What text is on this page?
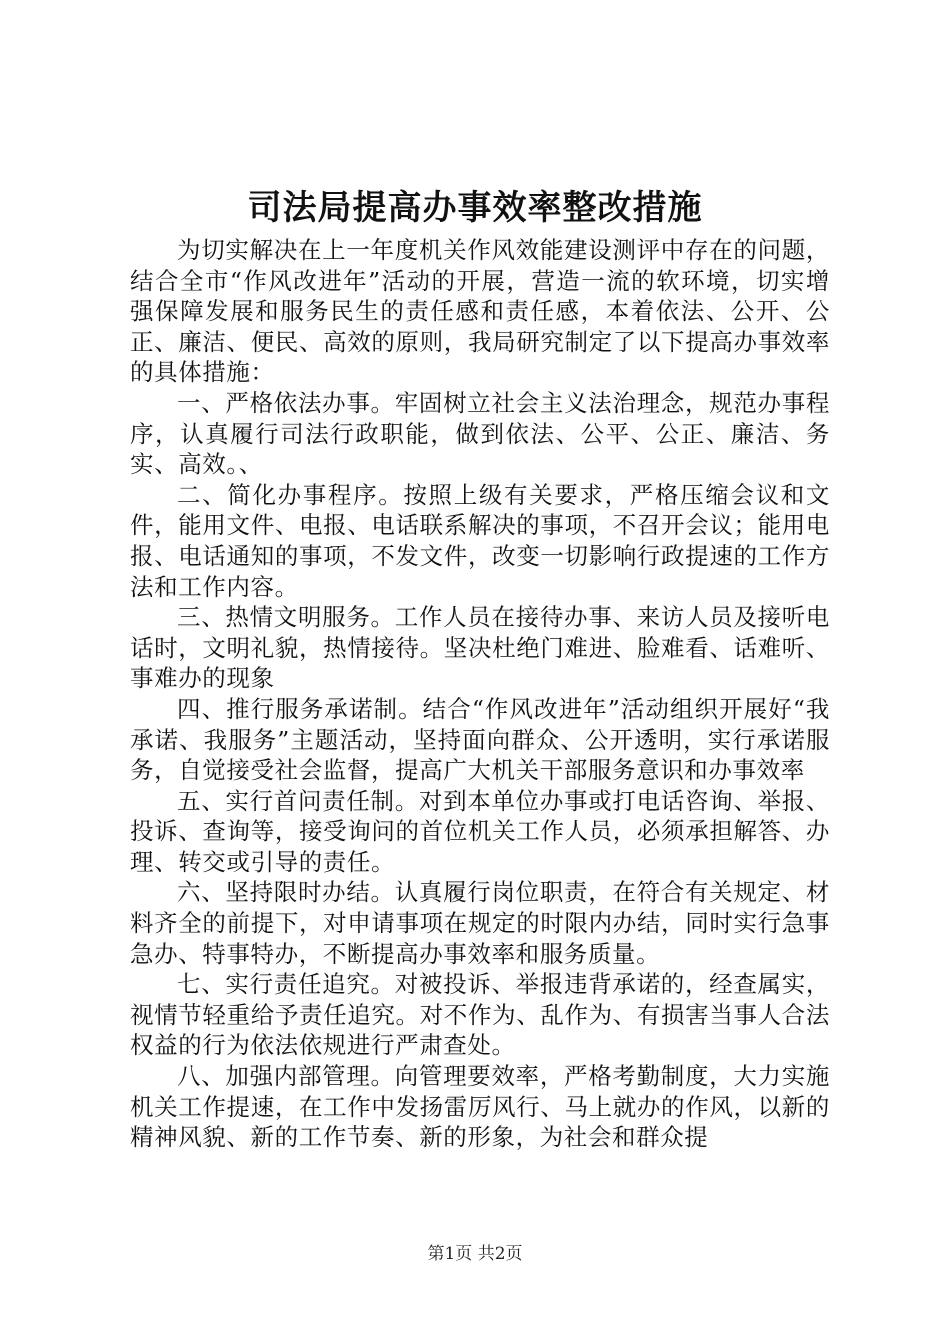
司法局提高办事效率整改措施

为切实解决在上一年度机关作风效能建设测评中存在的问题，结合全市“作风改进年”活动的开展，营造一流的软环境，切实增强保障发展和服务民生的责任感和责任感，本着依法、公开、公正、廉洁、便民、高效的原则，我局研究制定了以下提高办事效率的具体措施：

一、严格依法办事。牢固树立社会主义法治理念，规范办事程序，认真履行司法行政职能，做到依法、公平、公正、廉洁、务实、高效。、

二、简化办事程序。按照上级有关要求，严格压缩会议和文件，能用文件、电报、电话联系解决的事项，不召开会议；能用电报、电话通知的事项，不发文件，改变一切影响行政提速的工作方法和工作内容。

三、热情文明服务。工作人员在接待办事、来访人员及接听电话时，文明礼貌，热情接待。坚决杜绝门难进、脸难看、话难听、事难办的现象

四、推行服务承诺制。结合“作风改进年”活动组织开展好“我承诺、我服务”主题活动，坚持面向群众、公开透明，实行承诺服务，自觉接受社会监督，提高广大机关干部服务意识和办事效率

五、实行首问责任制。对到本单位办事或打电话咨询、举报、投诉、查询等，接受询问的首位机关工作人员，必须承担解答、办理、转交或引导的责任。

六、坚持限时办结。认真履行岗位职责，在符合有关规定、材料齐全的前提下，对申请事项在规定的时限内办结，同时实行急事急办、特事特办，不断提高办事效率和服务质量。

七、实行责任追究。对被投诉、举报违背承诺的，经查属实，视情节轻重给予责任追究。对不作为、乱作为、有损害当事人合法权益的行为依法依规进行严肃查处。

八、加强内部管理。向管理要效率，严格考勤制度，大力实施机关工作提速，在工作中发扬雷厉风行、马上就办的作风，以新的精神风貌、新的工作节奏、新的形象，为社会和群众提

第1页 共2页
